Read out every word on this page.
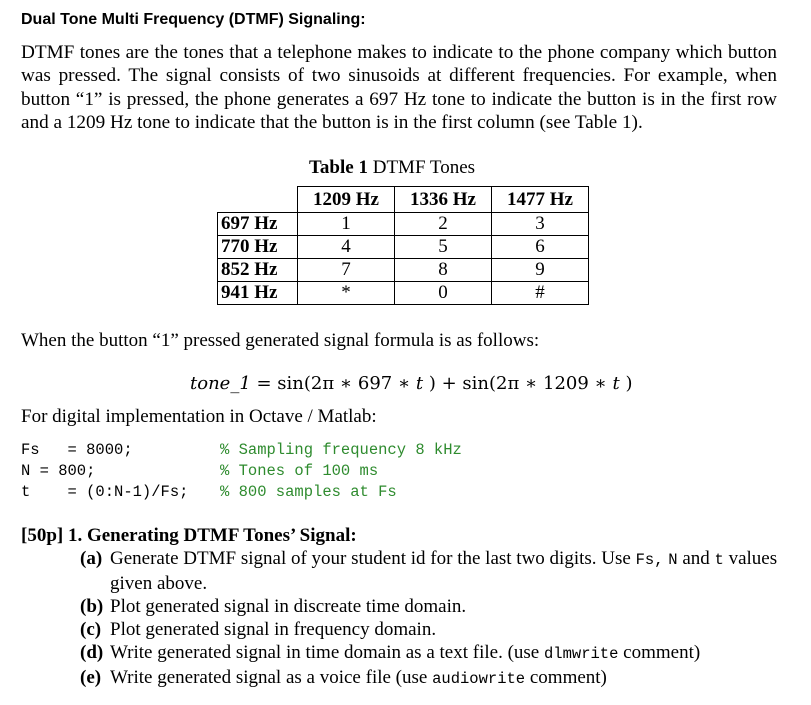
Dual Tone Multi Frequency (DTMF) Signaling:

DTMF tones are the tones that a telephone makes to indicate to the phone company which button was pressed. The signal consists of two sinusoids at different frequencies. For example, when button “1” is pressed, the phone generates a 697 Hz tone to indicate the button is in the first row and a 1209 Hz tone to indicate that the button is in the first column (see Table 1).

Table 1 DTMF Tones
	1209 Hz	1336 Hz	1477 Hz
697 Hz	1	2	3
770 Hz	4	5	6
852 Hz	7	8	9
941 Hz	*	0	#
When the button “1” pressed generated signal formula is as follows:
tone_1 = sin(2π ∗ 697 ∗ t ) + sin(2π ∗ 1209 ∗ t )
For digital implementation in Octave / Matlab:
Fs   = 8000;	% Sampling frequency 8 kHz
N = 800;	% Tones of 100 ms
t    = (0:N-1)/Fs; % 800 samples at Fs
[50p] 1. Generating DTMF Tones’ Signal:
(a) Generate DTMF signal of your student id for the last two digits. Use Fs, N and t values given above.
(b) Plot generated signal in discreate time domain.
(c) Plot generated signal in frequency domain.
(d) Write generated signal in time domain as a text file. (use dlmwrite comment)
(e) Write generated signal as a voice file (use audiowrite comment)
